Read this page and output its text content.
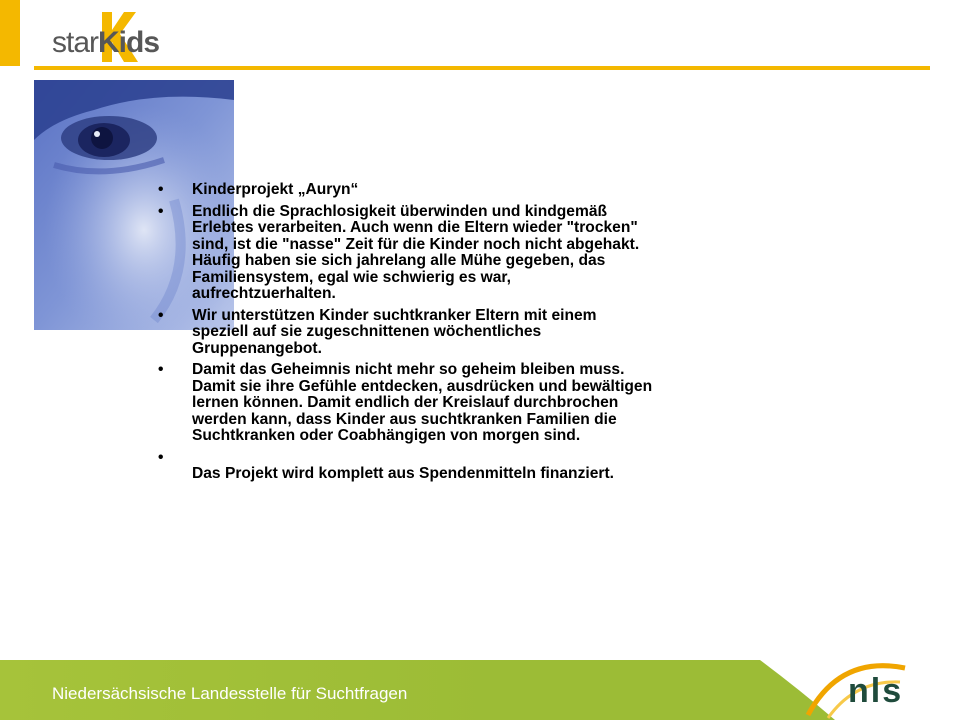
starKids
•	Kinderprojekt „Auryn“
•	Endlich die Sprachlosigkeit überwinden und kindgemäß
Erlebtes verarbeiten. Auch wenn die Eltern wieder "trocken"
sind, ist die "nasse" Zeit für die Kinder noch nicht abgehakt.
Häufig haben sie sich jahrelang alle Mühe gegeben, das
Familiensystem, egal wie schwierig es war,
aufrechtzuerhalten.
•	Wir unterstützen Kinder suchtkranker Eltern mit einem
speziell auf sie zugeschnittenen wöchentliches
Gruppenangebot.
•	Damit das Geheimnis nicht mehr so geheim bleiben muss.
Damit sie ihre Gefühle entdecken, ausdrücken und bewältigen
lernen können. Damit endlich der Kreislauf durchbrochen
werden kann, dass Kinder aus suchtkranken Familien die
Suchtkranken oder Coabhängigen von morgen sind.
•

Das Projekt wird komplett aus Spendenmitteln finanziert.
nls
Niedersächsische Landesstelle für Suchtfragen
